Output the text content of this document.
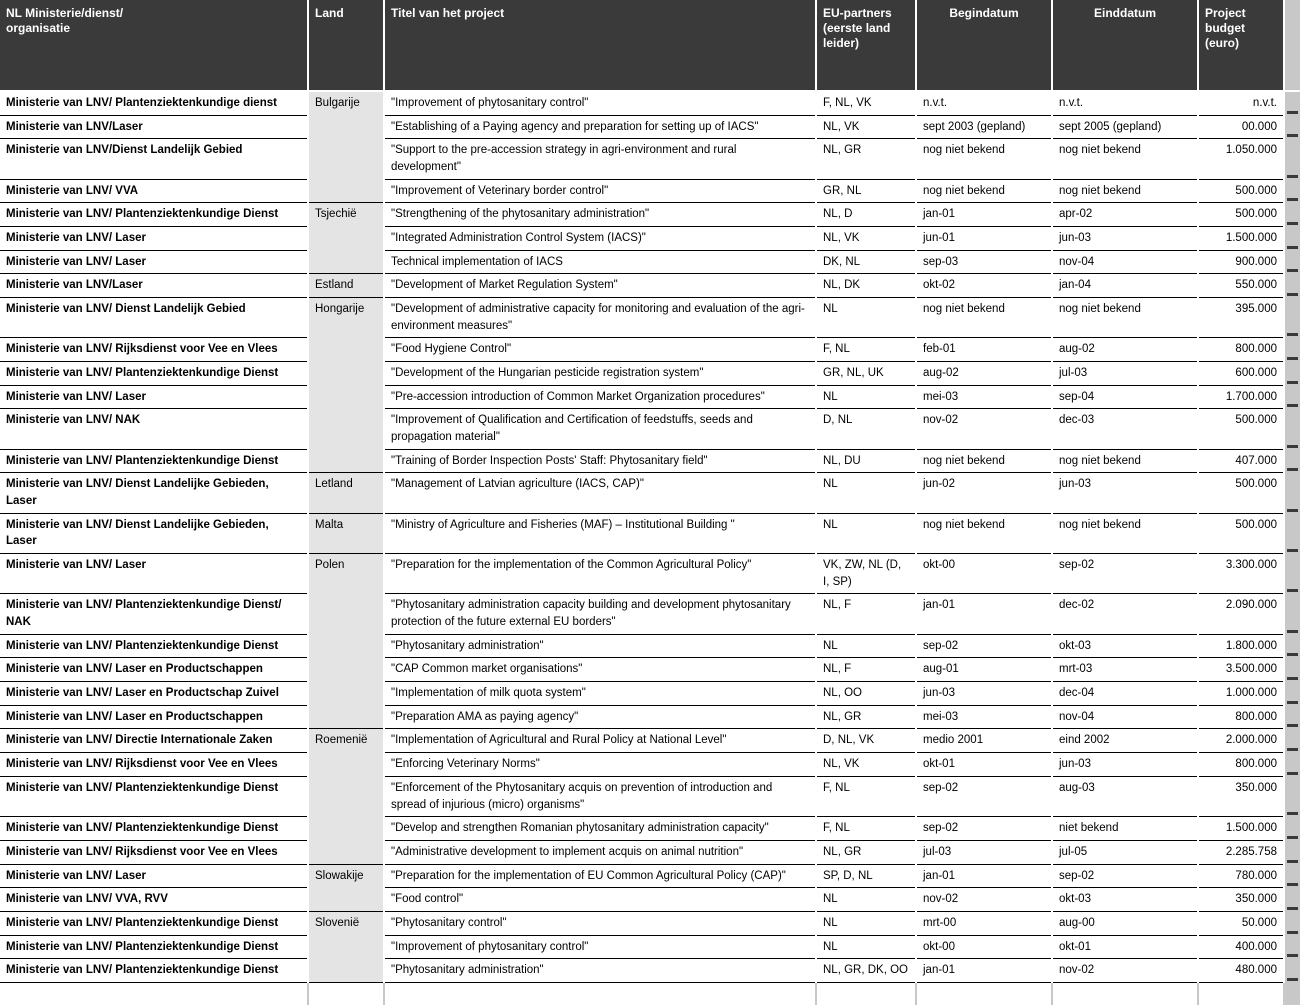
NL Ministerie/dienst/
organisatie	Land	Titel van het project	EU-partners
(eerste land
leider)	Begindatum	Einddatum	Project
budget
(euro)	
Ministerie van LNV/ Plantenziektenkundige dienst	Bulgarije	"Improvement of phytosanitary control"	F, NL, VK	n.v.t.	n.v.t.	n.v.t.	
Ministerie van LNV/Laser		"Establishing of a Paying agency and preparation for setting up of IACS"	NL, VK	sept 2003 (gepland)	sept 2005 (gepland)	00.000	
Ministerie van LNV/Dienst Landelijk Gebied		"Support to the pre-accession strategy in agri-environment and rural development"	NL, GR	nog niet bekend	nog niet bekend	1.050.000	
Ministerie van LNV/ VVA		"Improvement of Veterinary border control"	GR, NL	nog niet bekend	nog niet bekend	500.000	
Ministerie van LNV/ Plantenziektenkundige Dienst	Tsjechië	"Strengthening of the phytosanitary administration"	NL, D	jan-01	apr-02	500.000	
Ministerie van LNV/ Laser		"Integrated Administration Control System (IACS)"	NL, VK	jun-01	jun-03	1.500.000	
Ministerie van LNV/ Laser		Technical implementation of IACS	DK, NL	sep-03	nov-04	900.000	
Ministerie van LNV/Laser	Estland	"Development of Market Regulation System"	NL, DK	okt-02	jan-04	550.000	
Ministerie van LNV/ Dienst Landelijk Gebied	Hongarije	"Development of administrative capacity for monitoring and evaluation of the agri-environment measures"	NL	nog niet bekend	nog niet bekend	395.000	
Ministerie van LNV/ Rijksdienst voor Vee en Vlees		"Food Hygiene Control"	F, NL	feb-01	aug-02	800.000	
Ministerie van LNV/ Plantenziektenkundige Dienst		"Development of the Hungarian pesticide registration system"	GR, NL, UK	aug-02	jul-03	600.000	
Ministerie van LNV/ Laser		"Pre-accession introduction of Common Market Organization procedures"	NL	mei-03	sep-04	1.700.000	
Ministerie van LNV/ NAK		"Improvement of Qualification and Certification of feedstuffs, seeds and propagation material"	D, NL	nov-02	dec-03	500.000	
Ministerie van LNV/ Plantenziektenkundige Dienst		"Training of Border Inspection Posts' Staff: Phytosanitary field"	NL, DU	nog niet bekend	nog niet bekend	407.000	
Ministerie van LNV/ Dienst Landelijke Gebieden, Laser	Letland	"Management of Latvian agriculture (IACS, CAP)"	NL	jun-02	jun-03	500.000	
Ministerie van LNV/ Dienst Landelijke Gebieden, Laser	Malta	"Ministry of Agriculture and Fisheries (MAF) – Institutional Building "	NL	nog niet bekend	nog niet bekend	500.000	
Ministerie van LNV/ Laser	Polen	"Preparation for the implementation of the Common Agricultural Policy"	VK, ZW, NL (D, I, SP)	okt-00	sep-02	3.300.000	
Ministerie van LNV/ Plantenziektenkundige Dienst/ NAK		"Phytosanitary administration capacity building and development phytosanitary protection of the future external EU borders"	NL, F	jan-01	dec-02	2.090.000	
Ministerie van LNV/ Plantenziektenkundige Dienst		"Phytosanitary administration"	NL	sep-02	okt-03	1.800.000	
Ministerie van LNV/ Laser en Productschappen		"CAP Common market organisations"	NL, F	aug-01	mrt-03	3.500.000	
Ministerie van LNV/ Laser en Productschap Zuivel		"Implementation of milk quota system"	NL, OO	jun-03	dec-04	1.000.000	
Ministerie van LNV/ Laser en Productschappen		"Preparation AMA as paying agency"	NL, GR	mei-03	nov-04	800.000	
Ministerie van LNV/ Directie Internationale Zaken	Roemenië	"Implementation of Agricultural and Rural Policy at National Level"	D, NL, VK	medio 2001	eind 2002	2.000.000	
Ministerie van LNV/ Rijksdienst voor Vee en Vlees		"Enforcing Veterinary Norms"	NL, VK	okt-01	jun-03	800.000	
Ministerie van LNV/ Plantenziektenkundige Dienst		"Enforcement of the Phytosanitary acquis on prevention of introduction and spread of injurious (micro) organisms"	F, NL	sep-02	aug-03	350.000	
Ministerie van LNV/ Plantenziektenkundige Dienst		"Develop and strengthen Romanian phytosanitary administration capacity"	F, NL	sep-02	niet bekend	1.500.000	
Ministerie van LNV/ Rijksdienst voor Vee en Vlees		"Administrative development to implement acquis on animal nutrition"	NL, GR	jul-03	jul-05	2.285.758	
Ministerie van LNV/ Laser	Slowakije	"Preparation for the implementation of EU Common Agricultural Policy (CAP)"	SP, D, NL	jan-01	sep-02	780.000	
Ministerie van LNV/ VVA, RVV		"Food control"	NL	nov-02	okt-03	350.000	
Ministerie van LNV/ Plantenziektenkundige Dienst	Slovenië	"Phytosanitary control"	NL	mrt-00	aug-00	50.000	
Ministerie van LNV/ Plantenziektenkundige Dienst		"Improvement of phytosanitary control"	NL	okt-00	okt-01	400.000	
Ministerie van LNV/ Plantenziektenkundige Dienst		"Phytosanitary administration"	NL, GR, DK, OO	jan-01	nov-02	480.000	
